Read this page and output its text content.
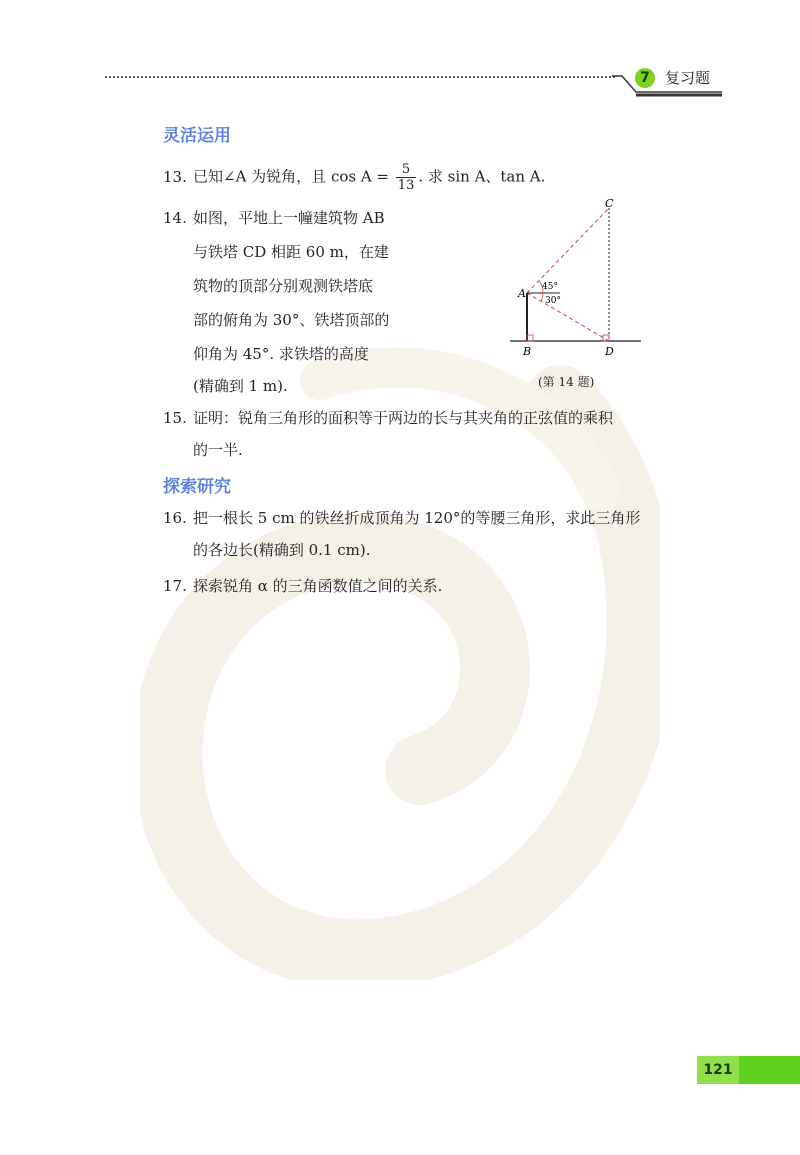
7	复习题
灵活运用
13. 已知∠A 为锐角，且 $\cos A = \frac{5}{13}$ . 求 sin A、tan A.
14. 如图，平地上一幢建筑物 AB
与铁塔 CD 相距 60 m，在建
筑物的顶部分别观测铁塔底
部的俯角为 30°、铁塔顶部的
仰角为 45°. 求铁塔的高度
(精确到 1 m).
C
A
B	D
45°
30°
(第 14 题)
15. 证明：锐角三角形的面积等于两边的长与其夹角的正弦值的乘积
的一半.
探索研究
16. 把一根长 5 cm 的铁丝折成顶角为 120°的等腰三角形，求此三角形
的各边长(精确到 0.1 cm).
17. 探索锐角 α 的三角函数值之间的关系.
121
